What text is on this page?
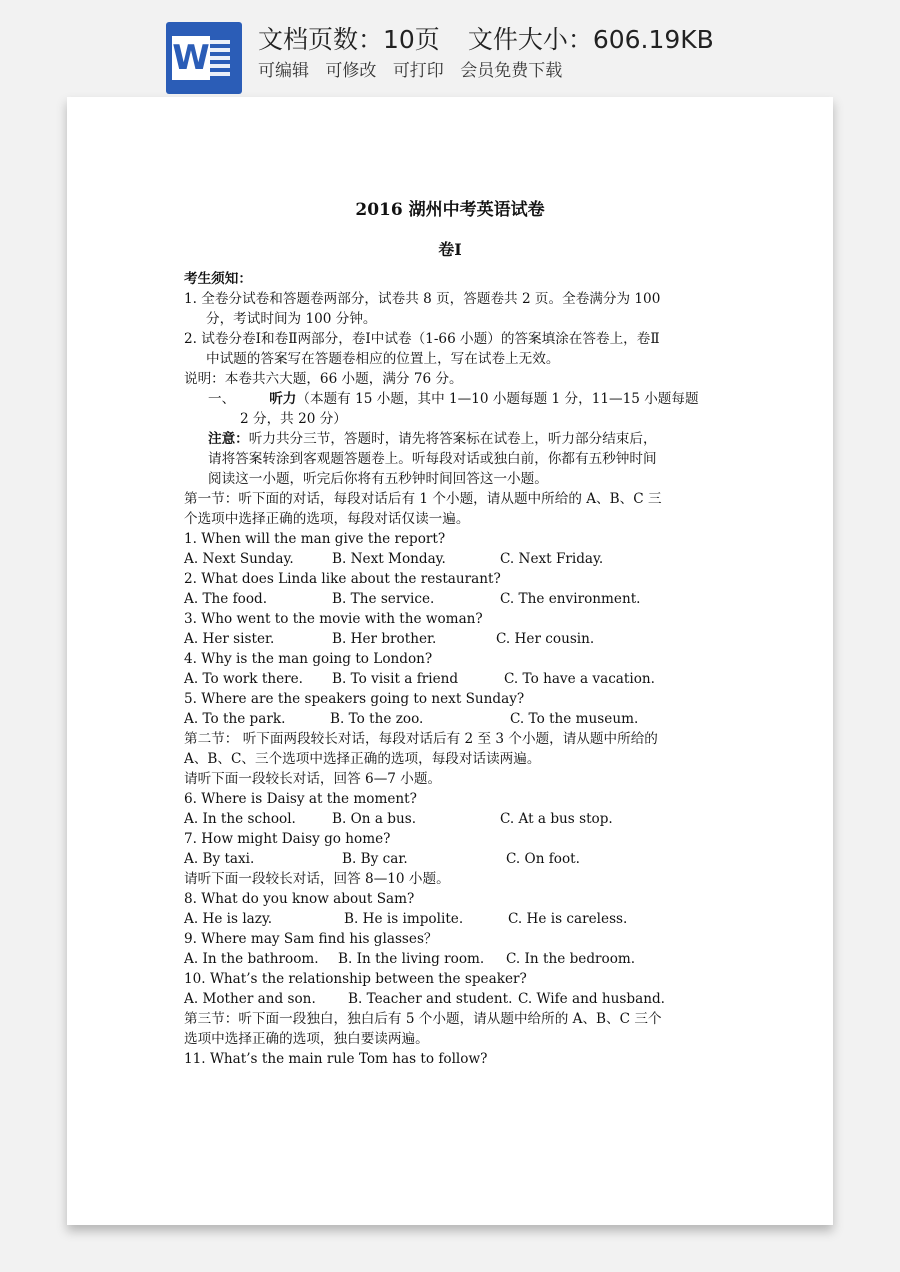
W 文档页数：10页 文件大小：606.19KB
可编辑 可修改 可打印 会员免费下载
2016 湖州中考英语试卷
卷I
考生须知：
1. 全卷分试卷和答题卷两部分，试卷共 8 页，答题卷共 2 页。全卷满分为 100
分，考试时间为 100 分钟。
2. 试卷分卷I和卷Ⅱ两部分，卷I中试卷（1-66 小题）的答案填涂在答卷上，卷Ⅱ
中试题的答案写在答题卷相应的位置上，写在试卷上无效。
说明：本卷共六大题，66 小题，满分 76 分。
一、	听力（本题有 15 小题，其中 1—10 小题每题 1 分，11—15 小题每题
2 分，共 20 分）
注意：听力共分三节，答题时，请先将答案标在试卷上，听力部分结束后，
请将答案转涂到客观题答题卷上。听每段对话或独白前，你都有五秒钟时间
阅读这一小题，听完后你将有五秒钟时间回答这一小题。
第一节：听下面的对话，每段对话后有 1 个小题，请从题中所给的 A、B、C 三
个选项中选择正确的选项，每段对话仅读一遍。
1. When will the man give the report?
A. Next Sunday.	B. Next Monday.	C. Next Friday.
2. What does Linda like about the restaurant?
A. The food.	B. The service.	C. The environment.
3. Who went to the movie with the woman?
A. Her sister.	B. Her brother.	C. Her cousin.
4. Why is the man going to London?
A. To work there.	B. To visit a friend	C. To have a vacation.
5. Where are the speakers going to next Sunday?
A. To the park.	B. To the zoo.	C. To the museum.
第二节： 听下面两段较长对话，每段对话后有 2 至 3 个小题，请从题中所给的
A、B、C、三个选项中选择正确的选项，每段对话读两遍。
请听下面一段较长对话，回答 6—7 小题。
6. Where is Daisy at the moment?
A. In the school.	B. On a bus.	C. At a bus stop.
7. How might Daisy go home?
A. By taxi.	B. By car.	C. On foot.
请听下面一段较长对话，回答 8—10 小题。
8. What do you know about Sam?
A. He is lazy.	B. He is impolite.	C. He is careless.
9. Where may Sam find his glasses？
A. In the bathroom.	B. In the living room.	C. In the bedroom.
10. What’s the relationship between the speaker?
A. Mother and son.	B. Teacher and student. C. Wife and husband.
第三节：听下面一段独白，独白后有 5 个小题，请从题中给所的 A、B、C 三个
选项中选择正确的选项，独白要读两遍。
11. What’s the main rule Tom has to follow?
